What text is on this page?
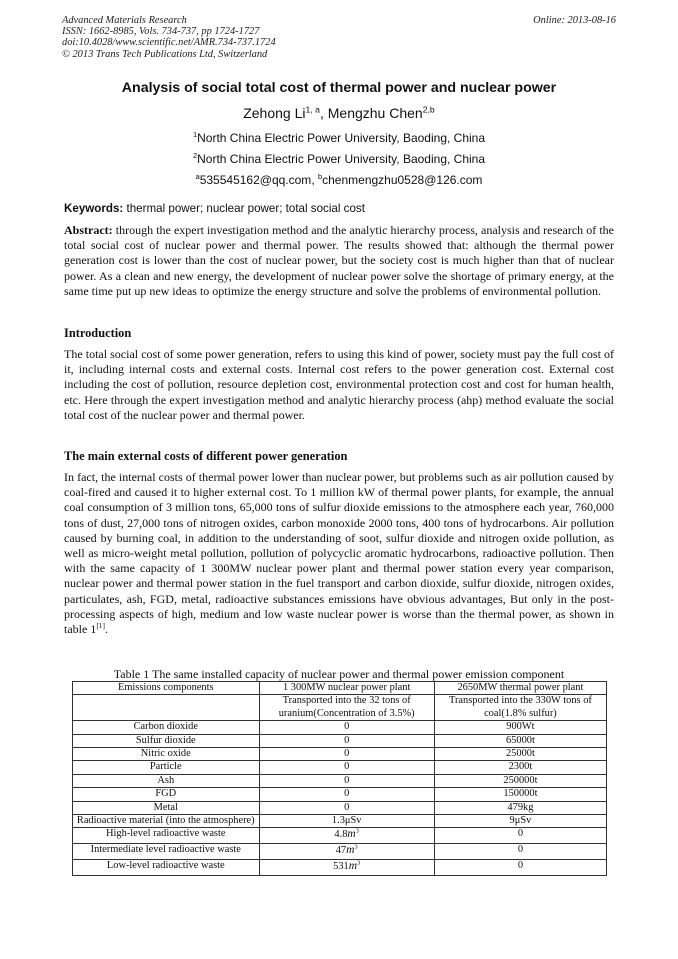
Advanced Materials Research
ISSN: 1662-8985, Vols. 734-737, pp 1724-1727
doi:10.4028/www.scientific.net/AMR.734-737.1724
© 2013 Trans Tech Publications Ltd, Switzerland
Online: 2013-08-16
Analysis of social total cost of thermal power and nuclear power
Zehong Li$^{1, a}$, Mengzhu Chen$^{2,b}$
$^1$North China Electric Power University, Baoding, China
$^2$North China Electric Power University, Baoding, China
$^a$535545162@qq.com, $^b$chenmengzhu0528@126.com
Keywords: thermal power; nuclear power; total social cost

Abstract: through the expert investigation method and the analytic hierarchy process, analysis and research of the total social cost of nuclear power and thermal power. The results showed that: although the thermal power generation cost is lower than the cost of nuclear power, but the society cost is much higher than that of nuclear power. As a clean and new energy, the development of nuclear power solve the shortage of primary energy, at the same time put up new ideas to optimize the energy structure and solve the problems of environmental pollution.

Introduction

The total social cost of some power generation, refers to using this kind of power, society must pay the full cost of it, including internal costs and external costs. Internal cost refers to the power generation cost. External cost including the cost of pollution, resource depletion cost, environmental protection cost and cost for human health, etc. Here through the expert investigation method and analytic hierarchy process (ahp) method evaluate the social total cost of the nuclear power and thermal power.

The main external costs of different power generation

In fact, the internal costs of thermal power lower than nuclear power, but problems such as air pollution caused by coal-fired and caused it to higher external cost. To 1 million kW of thermal power plants, for example, the annual coal consumption of 3 million tons, 65,000 tons of sulfur dioxide emissions to the atmosphere each year, 760,000 tons of dust, 27,000 tons of nitrogen oxides, carbon monoxide 2000 tons, 400 tons of hydrocarbons. Air pollution caused by burning coal, in addition to the understanding of soot, sulfur dioxide and nitrogen oxide pollution, as well as micro-weight metal pollution, pollution of polycyclic aromatic hydrocarbons, radioactive pollution. Then with the same capacity of 1 300MW nuclear power plant and thermal power station every year comparison, nuclear power and thermal power station in the fuel transport and carbon dioxide, sulfur dioxide, nitrogen oxides, particulates, ash, FGD, metal, radioactive substances emissions have obvious advantages, But only in the post-processing aspects of high, medium and low waste nuclear power is worse than the thermal power, as shown in table 1[1].

Table 1 The same installed capacity of nuclear power and thermal power emission component
Emissions components	1 300MW nuclear power plant	2650MW thermal power plant
	Transported into the 32 tons of uranium(Concentration of 3.5%)	Transported into the 330W tons of coal(1.8% sulfur)
Carbon dioxide	0	900Wt
Sulfur dioxide	0	65000t
Nitric oxide	0	25000t
Particle	0	2300t
Ash	0	250000t
FGD	0	150000t
Metal	0	479kg
Radioactive material (into the atmosphere)	1.3μSv	9μSv
High-level radioactive waste	$4.8m^3$	0
Intermediate level radioactive waste	$47m^3$	0
Low-level radioactive waste	$531m^3$	0
